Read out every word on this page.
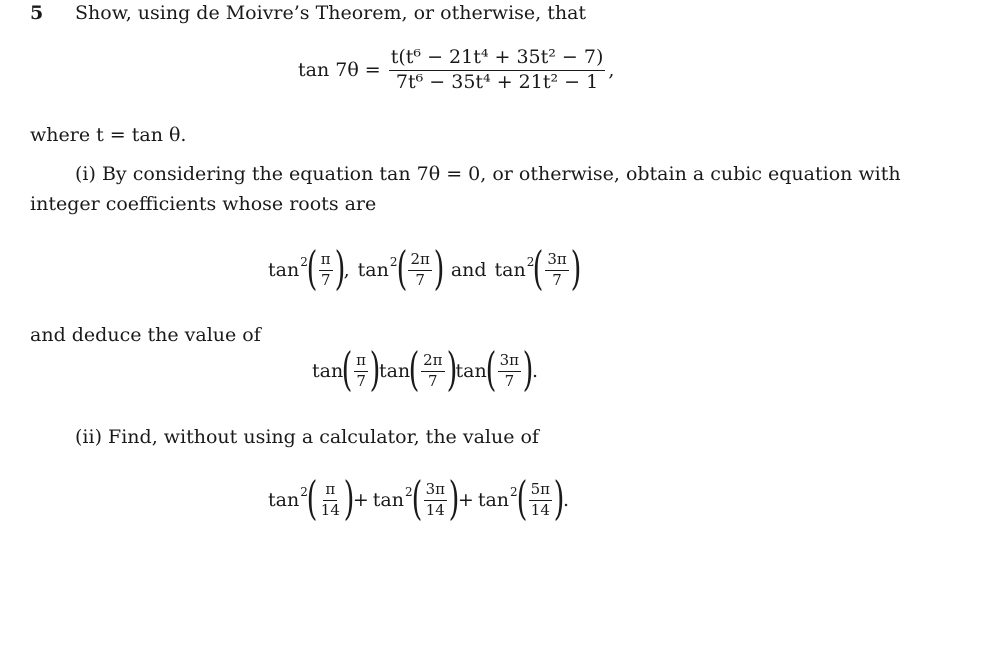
5 Show, using de Moivre’s Theorem, or otherwise, that
$\tan 7\theta = \frac{\text{t(t⁶ − 21t⁴ + 35t² − 7)}}{\text{7t⁶ − 35t⁴ + 21t² − 1}}$ ,
where t = tan θ.
(i) By considering the equation tan 7θ = 0, or otherwise, obtain a cubic equation with
integer coefficients whose roots are
tan 2
( $\frac{\pi}{7}$ )
, tan 2
( $\frac{2\pi}{7}$ ) and tan 2
( $\frac{3\pi}{7}$ )
and deduce the value of
tan
( $\frac{\pi}{7}$ )
tan
( $\frac{2\pi}{7}$ )
tan
( $\frac{3\pi}{7}$ )
.
(ii) Find, without using a calculator, the value of
tan 2
( $\frac{\pi}{14}$ )
+ tan 2
( $\frac{3\pi}{14}$ )
+ tan 2
( $\frac{5\pi}{14}$ )
.
